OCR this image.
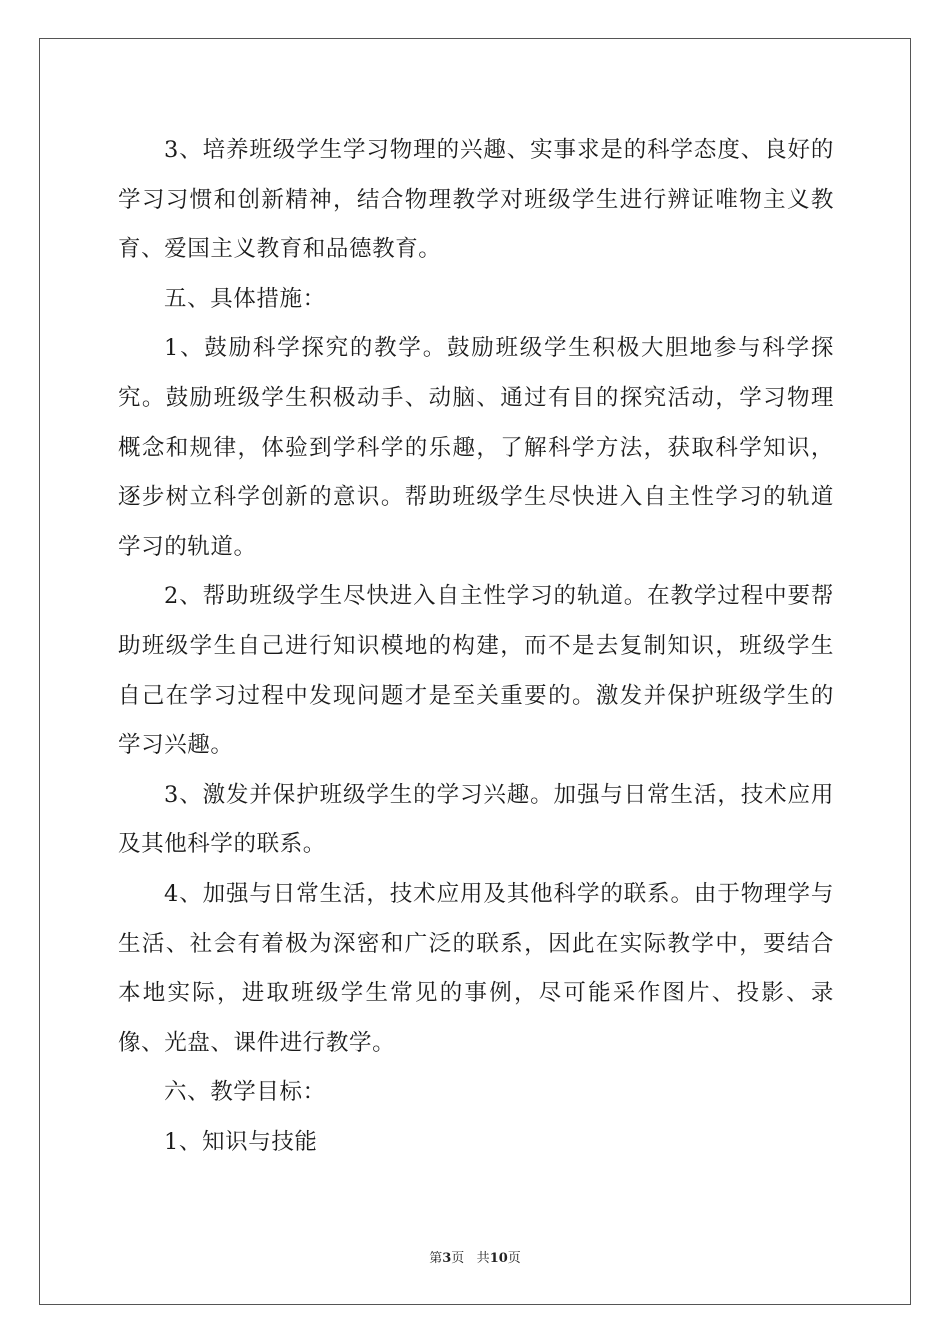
3、培养班级学生学习物理的兴趣、实事求是的科学态度、良好的学习习惯和创新精神，结合物理教学对班级学生进行辨证唯物主义教育、爱国主义教育和品德教育。

五、具体措施：

1、鼓励科学探究的教学。鼓励班级学生积极大胆地参与科学探究。鼓励班级学生积极动手、动脑、通过有目的探究活动，学习物理概念和规律，体验到学科学的乐趣，了解科学方法，获取科学知识，逐步树立科学创新的意识。帮助班级学生尽快进入自主性学习的轨道学习的轨道。

2、帮助班级学生尽快进入自主性学习的轨道。在教学过程中要帮助班级学生自己进行知识模地的构建，而不是去复制知识，班级学生自己在学习过程中发现问题才是至关重要的。激发并保护班级学生的学习兴趣。

3、激发并保护班级学生的学习兴趣。加强与日常生活，技术应用及其他科学的联系。

4、加强与日常生活，技术应用及其他科学的联系。由于物理学与生活、社会有着极为深密和广泛的联系，因此在实际教学中，要结合本地实际，进取班级学生常见的事例，尽可能采作图片、投影、录像、光盘、课件进行教学。

六、教学目标：

1、知识与技能

第3页 共10页
